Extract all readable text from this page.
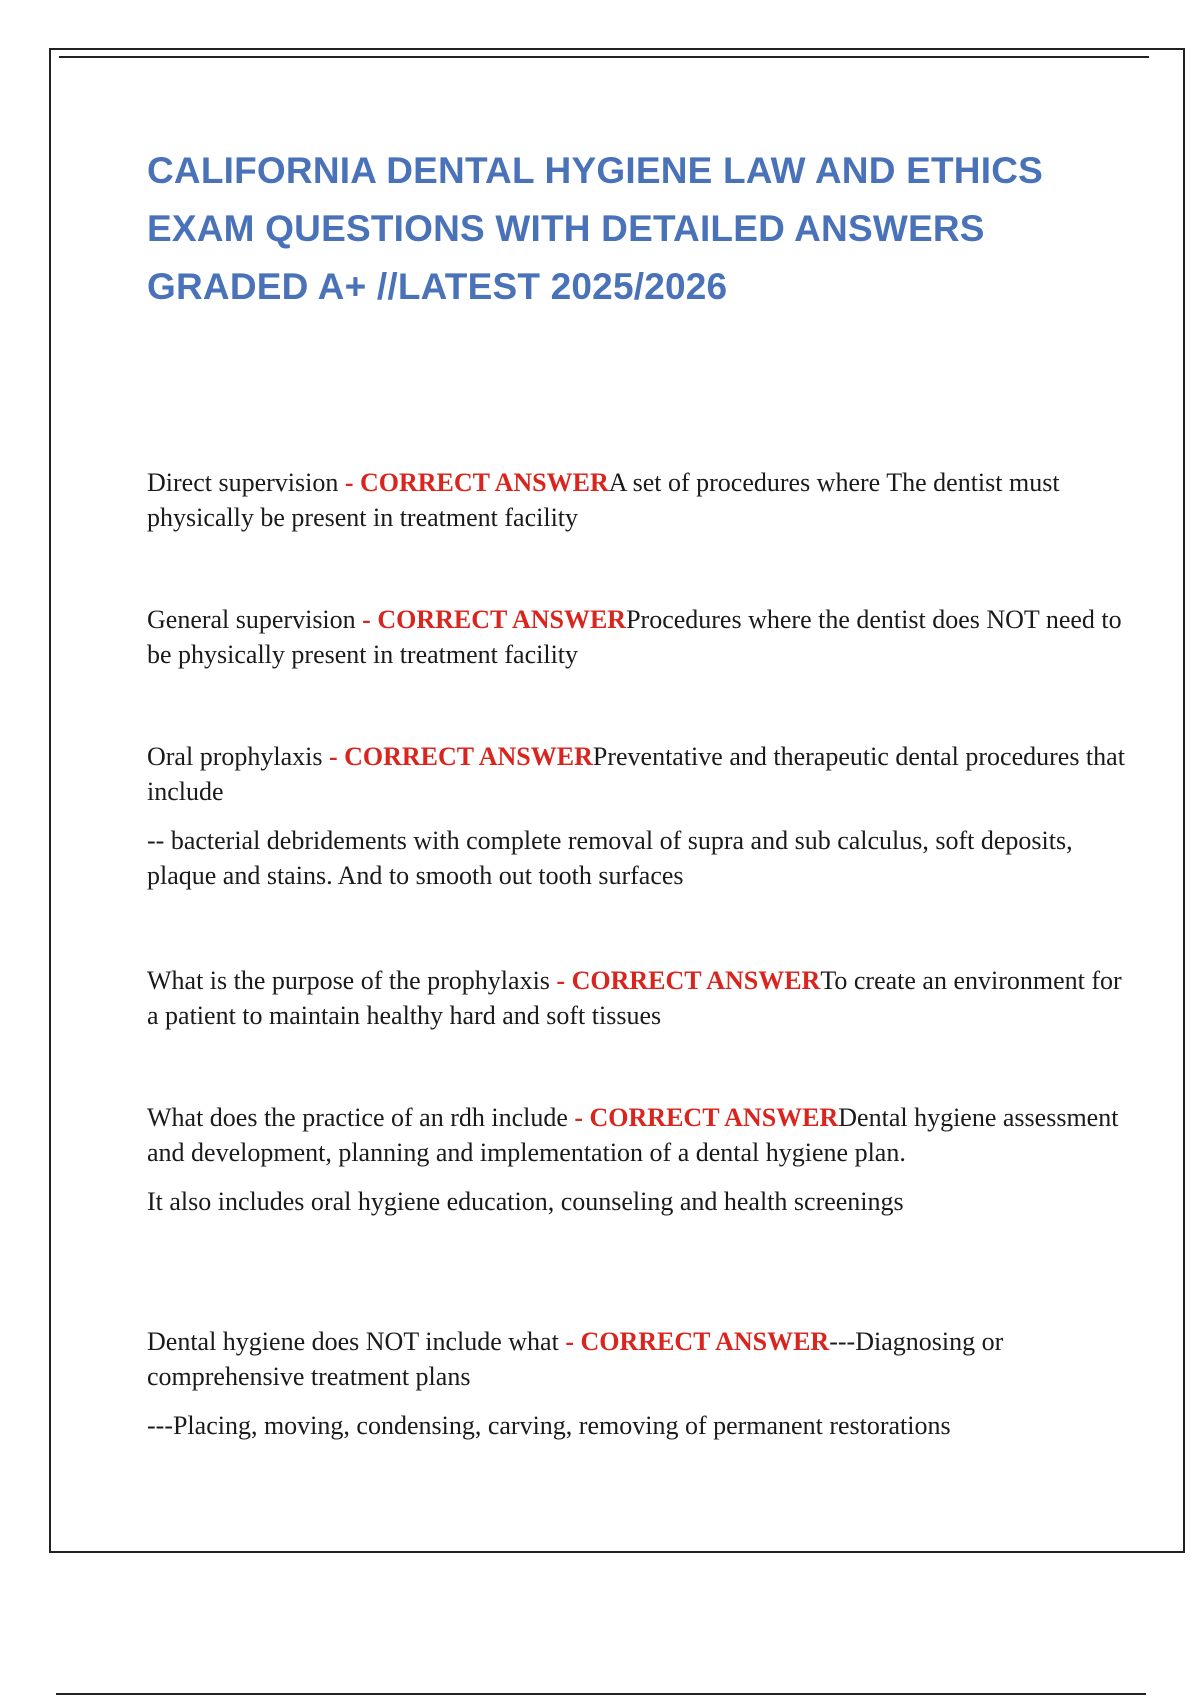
CALIFORNIA DENTAL HYGIENE LAW AND ETHICS
EXAM QUESTIONS WITH DETAILED ANSWERS
GRADED A+ //LATEST 2025/2026

Direct supervision - CORRECT ANSWERA set of procedures where The dentist must physically be present in treatment facility

General supervision - CORRECT ANSWERProcedures where the dentist does NOT need to be physically present in treatment facility

Oral prophylaxis - CORRECT ANSWERPreventative and therapeutic dental procedures that include

-- bacterial debridements with complete removal of supra and sub calculus, soft deposits, plaque and stains. And to smooth out tooth surfaces

What is the purpose of the prophylaxis - CORRECT ANSWERTo create an environment for a patient to maintain healthy hard and soft tissues

What does the practice of an rdh include - CORRECT ANSWERDental hygiene assessment and development, planning and implementation of a dental hygiene plan.

It also includes oral hygiene education, counseling and health screenings

Dental hygiene does NOT include what - CORRECT ANSWER---Diagnosing or comprehensive treatment plans

---Placing, moving, condensing, carving, removing of permanent restorations
